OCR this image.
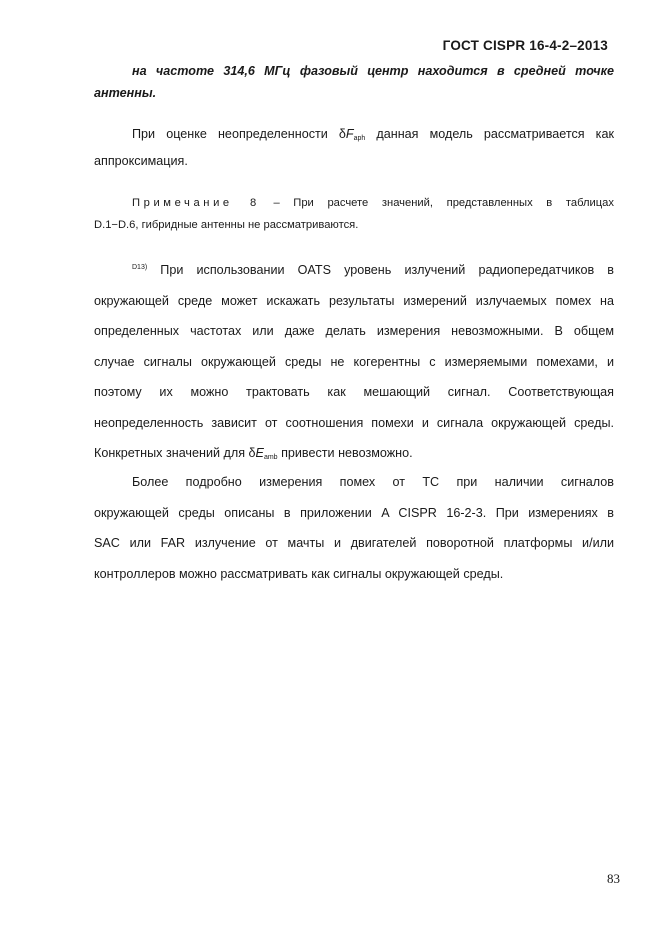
ГОСТ CISPR 16-4-2–2013
на частоте 314,6 МГц фазовый центр находится в средней точке
антенны.
При оценке неопределенности $\delta F_{aph}$ данная модель рассматривается как
аппроксимация.
Примечание 8 – При расчете значений, представленных в таблицах
D.1−D.6, гибридные антенны не рассматриваются.
$^{D13)}$ При использовании OATS уровень излучений радиопередатчиков в
окружающей среде может искажать результаты измерений излучаемых помех на
определенных частотах или даже делать измерения невозможными. В общем
случае сигналы окружающей среды не когерентны с измеряемыми помехами, и
поэтому их можно трактовать как мешающий сигнал. Соответствующая
неопределенность зависит от соотношения помехи и сигнала окружающей среды.
Конкретных значений для $\delta E_{amb}$ привести невозможно.
Более подробно измерения помех от ТС при наличии сигналов
окружающей среды описаны в приложении A CISPR 16-2-3. При измерениях в
SAC или FAR излучение от мачты и двигателей поворотной платформы и/или
контроллеров можно рассматривать как сигналы окружающей среды.
83
